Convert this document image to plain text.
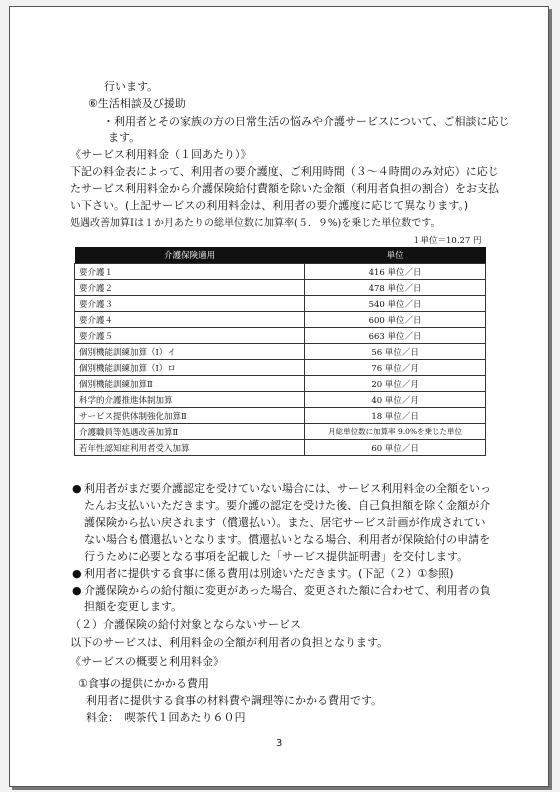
行います。
⑥生活相談及び援助
・利用者とその家族の方の日常生活の悩みや介護サービスについて、ご相談に応じ
ます。
《サービス利用料金（１回あたり）》
下記の料金表によって、利用者の要介護度、ご利用時間（３～４時間のみ対応）に応じ
たサービス利用料金から介護保険給付費額を除いた金額（利用者負担の割合）をお支払
い下さい。(上記サービスの利用料金は、利用者の要介護度に応じて異なります。)
処遇改善加算Ⅰは１か月あたりの総単位数に加算率(５．９%)を乗じた単位数です。
１単位＝10.27 円
介護保険適用	単位
要介護１	416 単位／日
要介護２	478 単位／日
要介護３	540 単位／日
要介護４	600 単位／日
要介護５	663 単位／日
個別機能訓練加算（Ⅰ）イ	56 単位／日
個別機能訓練加算（Ⅰ）ロ	76 単位／月
個別機能訓練加算Ⅱ	20 単位／月
科学的介護推進体制加算	40 単位／月
サービス提供体制強化加算Ⅱ	18 単位／日
介護職員等処遇改善加算Ⅱ	月総単位数に加算率 9.0%を乗じた単位
若年性認知症利用者受入加算	60 単位／日
● 利用者がまだ要介護認定を受けていない場合には、サービス利用料金の全額をいっ
たんお支払いいただきます。要介護の認定を受けた後、自己負担額を除く金額が介
護保険から払い戻されます（償還払い）。また、居宅サービス計画が作成されてい
ない場合も償還払いとなります。償還払いとなる場合、利用者が保険給付の申請を
行うために必要となる事項を記載した「サービス提供証明書」を交付します。
● 利用者に提供する食事に係る費用は別途いただきます。(下記（２）①参照)
● 介護保険からの給付額に変更があった場合、変更された額に合わせて、利用者の負
担額を変更します。
（２）介護保険の給付対象とならないサービス
以下のサービスは、利用料金の全額が利用者の負担となります。
《サービスの概要と利用料金》
①食事の提供にかかる費用
利用者に提供する食事の材料費や調理等にかかる費用です。
料金：　喫茶代１回あたり６０円
3
